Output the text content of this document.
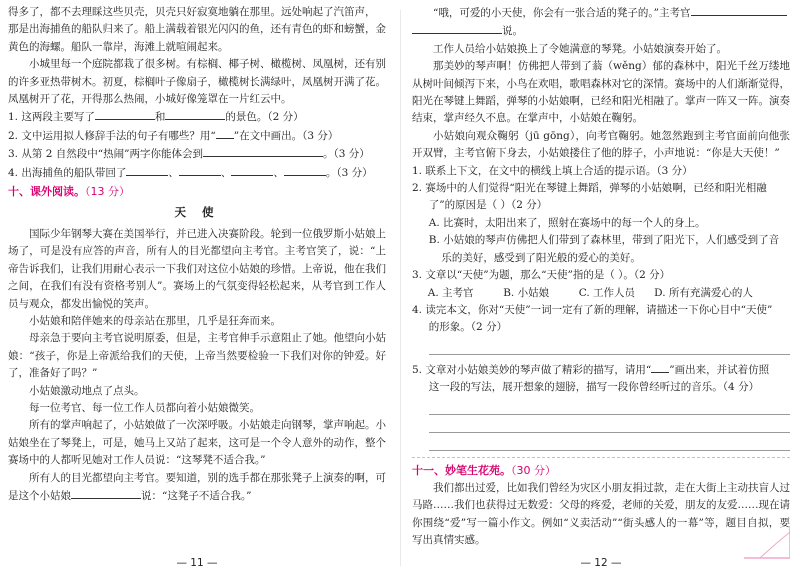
得多了，都不去理睬这些贝壳，贝壳只好寂寞地躺在那里。远处响起了汽笛声，
那是出海捕鱼的船队归来了。船上满载着银光闪闪的鱼，还有青色的虾和螃蟹，金黄色的海螺。船队一靠岸，海滩上就喧闹起来。

小城里每一个庭院都栽了很多树。有棕榈、椰子树、橄榄树、凤凰树，还有别的许多亚热带树木。初夏，棕榈叶子像扇子，橄榄树长满绿叶，凤凰树开满了花。凤凰树开了花，开得那么热闹，小城好像笼罩在一片红云中。

1. 这两段主要写了	和	的景色。（2 分）

2. 文中运用拟人修辞手法的句子有哪些？用“ ”在文中画出。（3 分）

3. 从第 2 自然段中“热闹”两字你能体会到	。（3 分）

4. 出海捕鱼的船队带回了	、	、	、	。（3 分）

十、课外阅读。（13 分）
天 使

国际少年钢琴大赛在美国举行，并已进入决赛阶段。轮到一位俄罗斯小姑娘上场了，可是没有应答的声音，所有人的目光都望向主考官。主考官笑了，说：“上帝告诉我们，让我们用耐心表示一下我们对这位小姑娘的珍惜。上帝说，他在我们之间，在我们有没有资格考别人”。赛场上的气氛变得轻松起来，从考官到工作人员与观众，都发出愉悦的笑声。

小姑娘和陪伴她来的母亲站在那里，几乎是狂奔而来。

母亲急于要向主考官说明原委，但是，主考官伸手示意阻止了她。他望向小姑娘：“孩子，你是上帝派给我们的天使，上帝当然要检验一下我们对你的钟爱。好了，准备好了吗？”

小姑娘激动地点了点头。

每一位考官、每一位工作人员都向着小姑娘微笑。

所有的掌声响起了，小姑娘做了一次深呼吸。小姑娘走向钢琴，掌声响起。小姑娘坐在了琴凳上，可是，她马上又站了起来，这可是一个令人意外的动作，整个赛场中的人都听见她对工作人员说：“这琴凳不适合我。”

所有人的目光都望向主考官。要知道，别的选手都在那张凳子上演奏的啊，可是这个小姑娘	说：“这凳子不适合我。”

— 11 —

“哦，可爱的小天使，你会有一张合适的凳子的。”主考官
说。

工作人员给小姑娘换上了令她满意的琴凳。小姑娘演奏开始了。

那美妙的琴声啊！仿佛把人带到了蓊（wěng）郁的森林中，阳光千丝万缕地从树叶间倾泻下来，小鸟在欢唱，歌唱森林对它的深情。赛场中的人们渐渐觉得，阳光在琴键上舞蹈，弹琴的小姑娘啊，已经和阳光相融了。掌声一阵又一阵。演奏结束，掌声经久不息。在掌声中，小姑娘在鞠躬。

小姑娘向观众鞠躬（jū gōng），向考官鞠躬。她忽然跑到主考官面前向他张开双臂，主考官俯下身去，小姑娘搂住了他的脖子，小声地说：“你是大天使！”

1. 联系上下文，在文中的横线上填上合适的提示语。（3 分）

2. 赛场中的人们觉得“阳光在琴键上舞蹈，弹琴的小姑娘啊，已经和阳光相融

了”的原因是（ ）（2 分）

A. 比赛时，太阳出来了，照射在赛场中的每一个人的身上。

B. 小姑娘的琴声仿佛把人们带到了森林里，带到了阳光下，人们感受到了音

乐的美好，感受到了阳光般的爱心的美好。

3. 文章以“天使”为题，那么“天使”指的是（ ）。（2 分）

A. 主考官	B. 小姑娘	C. 工作人员	D. 所有充满爱心的人

4. 读完本文，你对“天使”一词一定有了新的理解，请描述一下你心目中“天使”

的形象。（2 分）

5. 文章对小姑娘美妙的琴声做了精彩的描写，请用“ ”画出来，并试着仿照

这一段的写法，展开想象的翅膀，描写一段你曾经听过的音乐。（4 分）

十一、妙笔生花苑。（30 分）

我们都出过爱，比如我们曾经为灾区小朋友捐过款，走在大街上主动扶盲人过马路……我们也获得过无数爱：父母的疼爱，老师的关爱，朋友的友爱……现在请你围绕“爱”写一篇小作文。例如“义卖活动”“街头感人的一幕”等，题目自拟，要写出真情实感。

— 12 —
